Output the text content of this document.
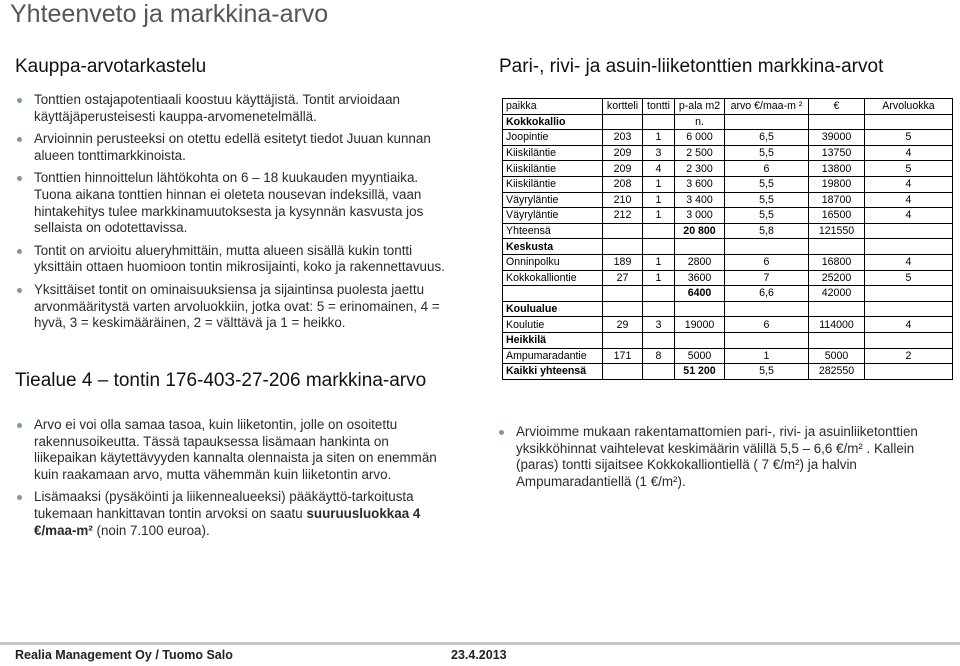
Yhteenveto ja markkina-arvo
Kauppa-arvotarkastelu	Pari-, rivi- ja asuin-liiketonttien markkina-arvot
Tonttien ostajapotentiaali koostuu käyttäjistä. Tontit arvioidaan käyttäjäperusteisesti kauppa-arvomenetelmällä.
Arvioinnin perusteeksi on otettu edellä esitetyt tiedot Juuan kunnan alueen tonttimarkkinoista.
Tonttien hinnoittelun lähtökohta on 6 – 18 kuukauden myyntiaika. Tuona aikana tonttien hinnan ei oleteta nousevan indeksillä, vaan hintakehitys tulee markkinamuutoksesta ja kysynnän kasvusta jos sellaista on odotettavissa.
Tontit on arvioitu alueryhmittäin, mutta alueen sisällä kukin tontti yksittäin ottaen huomioon tontin mikrosijainti, koko ja rakennettavuus.
Yksittäiset tontit on ominaisuuksiensa ja sijaintinsa puolesta jaettu arvonmääritystä varten arvoluokkiin, jotka ovat: 5 = erinomainen, 4 = hyvä, 3 = keskimääräinen, 2 = välttävä ja 1 = heikko.
Tiealue 4 – tontin 176-403-27-206 markkina-arvo
Arvo ei voi olla samaa tasoa, kuin liiketontin, jolle on osoitettu rakennusoikeutta. Tässä tapauksessa lisämaan hankinta on liikepaikan käytettävyyden kannalta olennaista ja siten on enemmän kuin raakamaan arvo, mutta vähemmän kuin liiketontin arvo.
Lisämaaksi (pysäköinti ja liikennealueeksi) pääkäyttö-tarkoitusta tukemaan hankittavan tontin arvoksi on saatu suuruusluokkaa 4 €/maa-m² (noin 7.100 euroa).
paikka	kortteli	tontti	p-ala m2	arvo €/maa-m ²	€	Arvoluokka
Kokkokallio			n.			
Joopintie	203	1	6 000	6,5	39000	5
Kiiskiläntie	209	3	2 500	5,5	13750	4
Kiiskiläntie	209	4	2 300	6	13800	5
Kiiskiläntie	208	1	3 600	5,5	19800	4
Väyryläntie	210	1	3 400	5,5	18700	4
Väyryläntie	212	1	3 000	5,5	16500	4
Yhteensä			20 800	5,8	121550	
Keskusta						
Onninpolku	189	1	2800	6	16800	4
Kokkokalliontie	27	1	3600	7	25200	5
			6400	6,6	42000	
Koulualue						
Koulutie	29	3	19000	6	114000	4
Heikkilä						
Ampumaradantie	171	8	5000	1	5000	2
Kaikki yhteensä			51 200	5,5	282550	
Arvioimme mukaan rakentamattomien pari-, rivi- ja asuinliiketonttien yksikköhinnat vaihtelevat keskimäärin välillä 5,5 – 6,6 €/m² . Kallein (paras) tontti sijaitsee Kokkokalliontiellä ( 7 €/m²) ja halvin Ampumaradantiellä (1 €/m²).
Realia Management Oy / Tuomo Salo	23.4.2013
